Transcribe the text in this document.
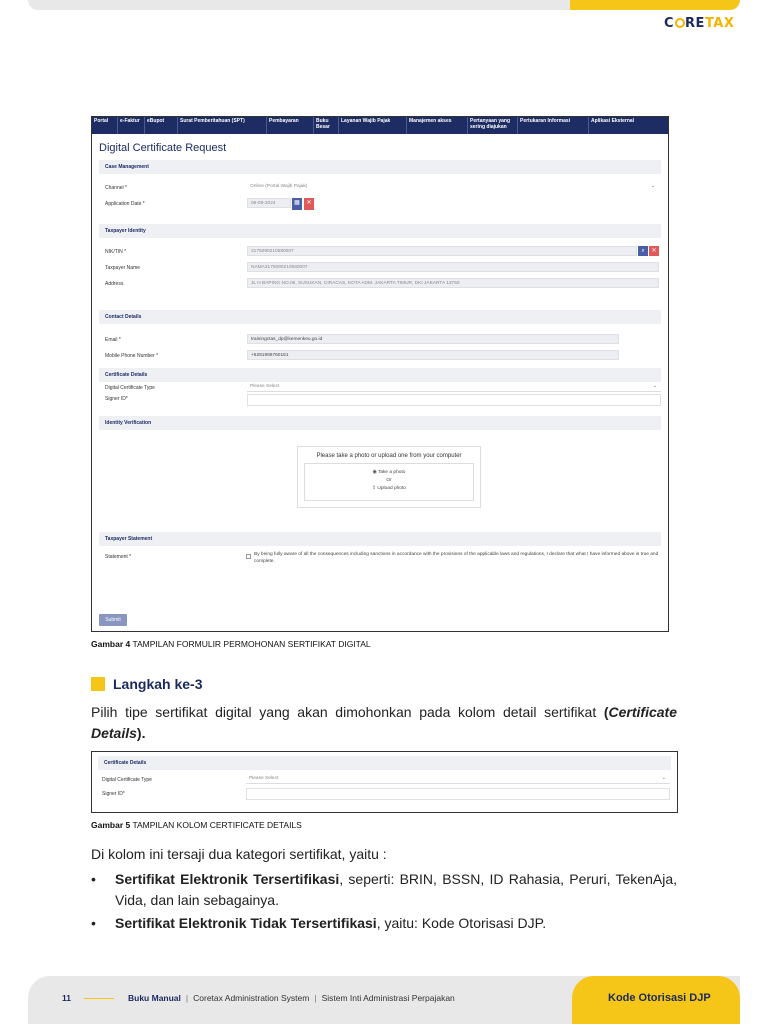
C RETAX
Portal	e-Faktur	eBupot	Surat Pemberitahuan (SPT)	Pembayaran	Buku Besar
Layanan Wajib Pajak	Manajemen akses	Pertanyaan yang sering diajukan
Pertukaran Informasi	Aplikasi Eksternal
Digital Certificate Request
Case Management
Channel *	Online (Portal Wajib Pajak)	⌄
Application Date *	06-09-2024	▦	✕
Taxpayer Identity
NIK/TIN *	3175090210580007	⌕	✕
Taxpayer Name	NAMA3175090210580007
Address	JL H BAPING NO.06, SUSUKAN, CIRACAS, KOTA ADM. JAKARTA TIMUR, DKI JAKARTA 13750
Contact Details
Email *	trainingctas_dp@kemenkeu.go.id
Mobile Phone Number *	+6281999760161
Certificate Details
Digital Certificate Type	Please Select	⌄
Signer ID*
Identity Verification
Please take a photo or upload one from your computer
◉ Take a photo
Or
⇪ Upload photo
Taxpayer Statement
Statement *	By being fully aware of all the consequences including sanctions in accordance with the provisions of the applicable laws and regulations, I declare that what I have informed above is true and complete.
Submit
Gambar 4 TAMPILAN FORMULIR PERMOHONAN SERTIFIKAT DIGITAL
Langkah ke-3
Pilih tipe sertifikat digital yang akan dimohonkan pada kolom detail sertifikat (Certificate Details).
Certificate Details
Digital Certificate Type	Please Select	⌄
Signer ID*
Gambar 5 TAMPILAN KOLOM CERTIFICATE DETAILS
Di kolom ini tersaji dua kategori sertifikat, yaitu :
• Sertifikat Elektronik Tersertifikasi, seperti: BRIN, BSSN, ID Rahasia, Peruri, TekenAja, Vida, dan lain sebagainya.
• Sertifikat Elektronik Tidak Tersertifikasi, yaitu: Kode Otorisasi DJP.
11	Buku Manual | Coretax Administration System | Sistem Inti Administrasi Perpajakan	Kode Otorisasi DJP
